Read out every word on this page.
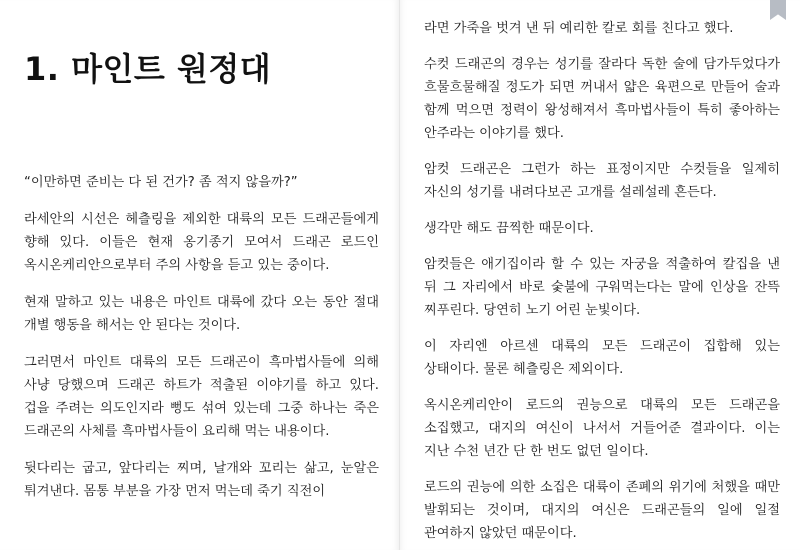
1. 마인트 원정대

“이만하면 준비는 다 된 건가? 좀 적지 않을까?”

라세안의 시선은 헤츨링을 제외한 대륙의 모든 드래곤들에게 향해 있다. 이들은 현재 옹기종기 모여서 드래곤 로드인 옥시온케리안으로부터 주의 사항을 듣고 있는 중이다.

현재 말하고 있는 내용은 마인트 대륙에 갔다 오는 동안 절대 개별 행동을 해서는 안 된다는 것이다.

그러면서 마인트 대륙의 모든 드래곤이 흑마법사들에 의해 사냥 당했으며 드래곤 하트가 적출된 이야기를 하고 있다. 겁을 주려는 의도인지라 뻥도 섞여 있는데 그중 하나는 죽은 드래곤의 사체를 흑마법사들이 요리해 먹는 내용이다.

뒷다리는 굽고, 앞다리는 찌며, 날개와 꼬리는 삶고, 눈알은 튀겨낸다. 몸통 부분을 가장 먼저 먹는데 죽기 직전이

라면 가죽을 벗겨 낸 뒤 예리한 칼로 회를 친다고 했다.

수컷 드래곤의 경우는 성기를 잘라다 독한 술에 담가두었다가 흐물흐물해질 정도가 되면 꺼내서 얇은 육편으로 만들어 술과 함께 먹으면 정력이 왕성해져서 흑마법사들이 특히 좋아하는 안주라는 이야기를 했다.

암컷 드래곤은 그런가 하는 표정이지만 수컷들을 일제히 자신의 성기를 내려다보곤 고개를 설레설레 흔든다.

생각만 해도 끔찍한 때문이다.

암컷들은 애기집이라 할 수 있는 자궁을 적출하여 칼집을 낸 뒤 그 자리에서 바로 숯불에 구워먹는다는 말에 인상을 잔뜩 찌푸린다. 당연히 노기 어린 눈빛이다.

이 자리엔 아르센 대륙의 모든 드래곤이 집합해 있는 상태이다. 물론 헤츨링은 제외이다.

옥시온케리안이 로드의 권능으로 대륙의 모든 드래곤을 소집했고, 대지의 여신이 나서서 거들어준 결과이다. 이는 지난 수천 년간 단 한 번도 없던 일이다.

로드의 권능에 의한 소집은 대륙이 존폐의 위기에 처했을 때만 발휘되는 것이며, 대지의 여신은 드래곤들의 일에 일절 관여하지 않았던 때문이다.
